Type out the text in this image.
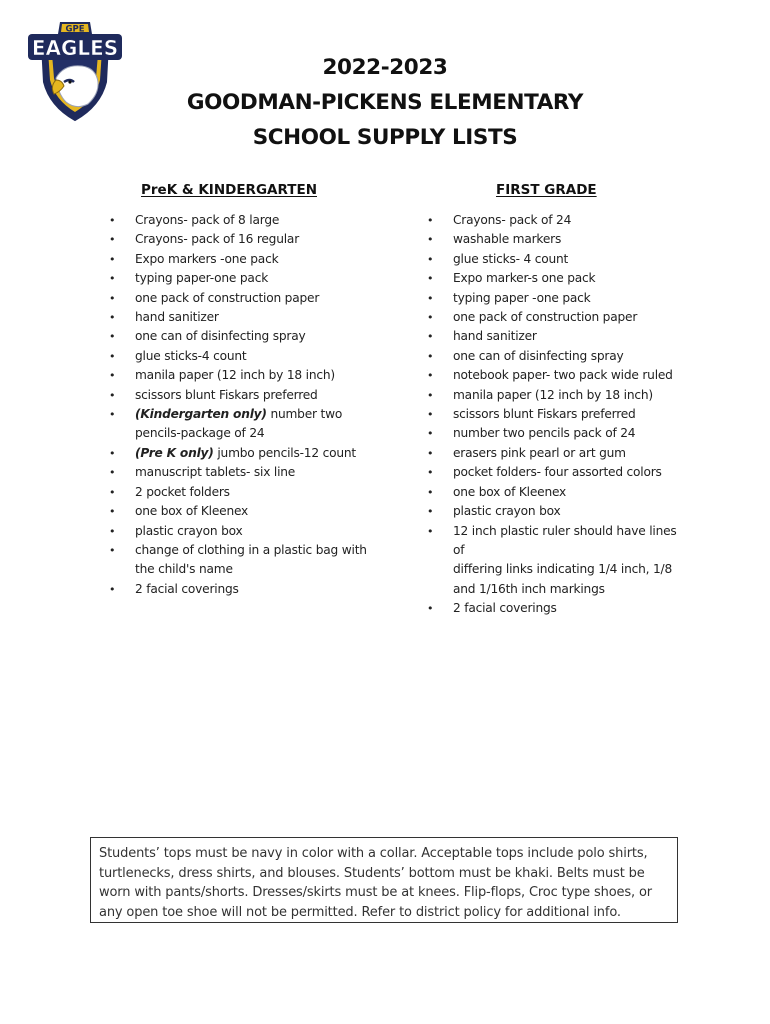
GPE
EAGLES
2022-2023
GOODMAN-PICKENS ELEMENTARY
SCHOOL SUPPLY LISTS
PreK & KINDERGARTEN
• Crayons- pack of 8 large
• Crayons- pack of 16 regular
• Expo markers -one pack
• typing paper-one pack
• one pack of construction paper
• hand sanitizer
• one can of disinfecting spray
• glue sticks-4 count
• manila paper (12 inch by 18 inch)
• scissors blunt Fiskars preferred
• (Kindergarten only) number two
pencils-package of 24
• (Pre K only) jumbo pencils-12 count
• manuscript tablets- six line
• 2 pocket folders
• one box of Kleenex
• plastic crayon box
• change of clothing in a plastic bag with
the child's name
• 2 facial coverings
FIRST GRADE
• Crayons- pack of 24
• washable markers
• glue sticks- 4 count
• Expo marker-s one pack
• typing paper -one pack
• one pack of construction paper
• hand sanitizer
• one can of disinfecting spray
• notebook paper- two pack wide ruled
• manila paper (12 inch by 18 inch)
• scissors blunt Fiskars preferred
• number two pencils pack of 24
• erasers pink pearl or art gum
• pocket folders- four assorted colors
• one box of Kleenex
• plastic crayon box
• 12 inch plastic ruler should have lines of
differing links indicating 1/4 inch, 1/8
and 1/16th inch markings
• 2 facial coverings
Students’ tops must be navy in color with a collar. Acceptable tops include polo shirts,
turtlenecks, dress shirts, and blouses. Students’ bottom must be khaki. Belts must be
worn with pants/shorts. Dresses/skirts must be at knees. Flip-flops, Croc type shoes, or
any open toe shoe will not be permitted. Refer to district policy for additional info.
